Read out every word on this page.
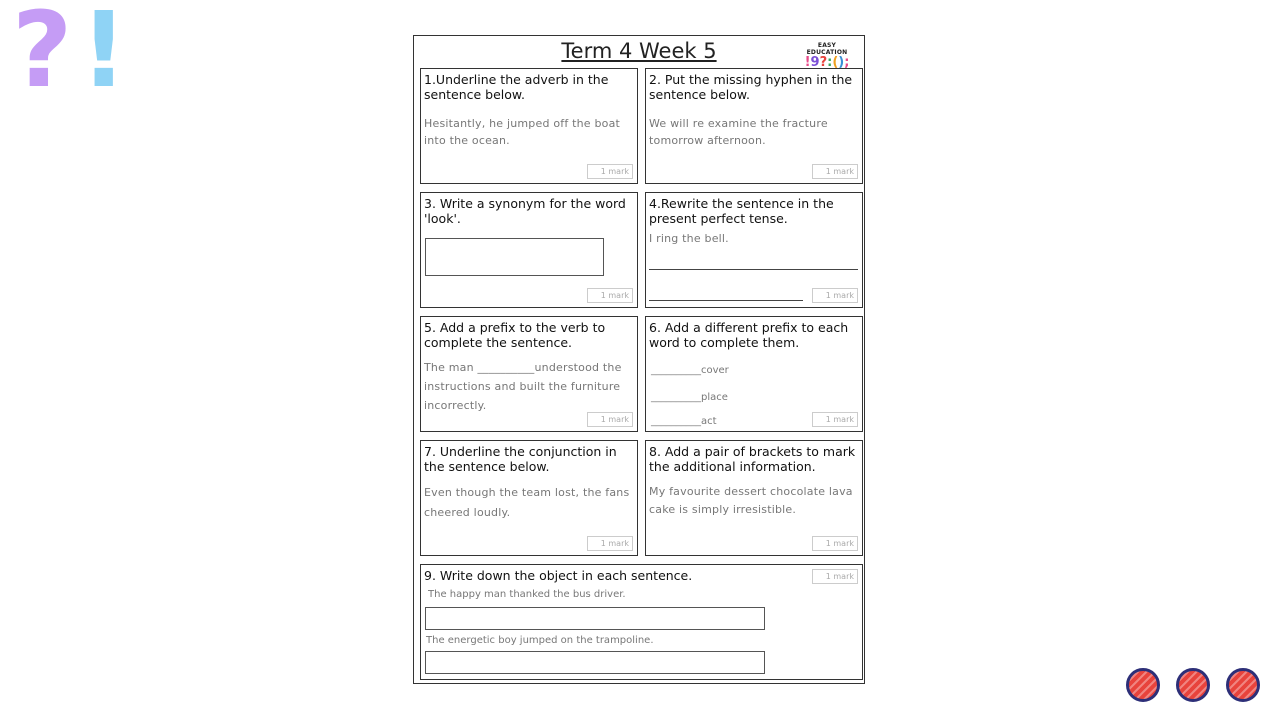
? !	Term 4 Week 5	EASY EDUCATION
!9?:();
1.Underline the adverb in the sentence below.
Hesitantly, he jumped off the boat into the ocean.
1 mark
2. Put the missing hyphen in the sentence below.
We will re examine the fracture tomorrow afternoon.
1 mark
3. Write a synonym for the word 'look'.
1 mark
4.Rewrite the sentence in the present perfect tense.
I ring the bell.
1 mark
5. Add a prefix to the verb to complete the sentence.
The man __________understood the instructions and built the furniture incorrectly.
1 mark
6. Add a different prefix to each word to complete them.
__________cover
__________place
__________act	1 mark
7. Underline the conjunction in the sentence below.
Even though the team lost, the fans cheered loudly.
1 mark
8. Add a pair of brackets to mark the additional information.
My favourite dessert chocolate lava cake is simply irresistible.
1 mark
9. Write down the object in each sentence.	1 mark
The happy man thanked the bus driver.
The energetic boy jumped on the trampoline.
